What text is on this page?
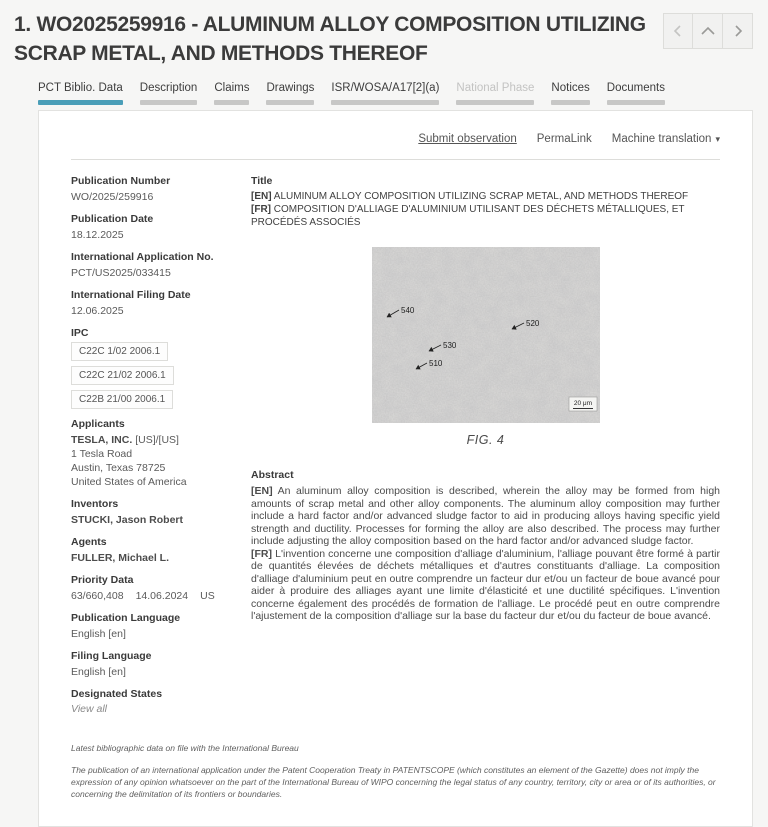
1. WO2025259916 - ALUMINUM ALLOY COMPOSITION UTILIZING SCRAP METAL, AND METHODS THEREOF
PCT Biblio. Data Description Claims Drawings ISR/WOSA/A17[2](a) National Phase Notices Documents
Submit observation PermaLink Machine translation ▾
Publication Number
WO/2025/259916
Publication Date
18.12.2025
International Application No.
PCT/US2025/033415
International Filing Date
12.06.2025
IPC
C22C 1/02 2006.1
C22C 21/02 2006.1
C22B 21/00 2006.1
Applicants
TESLA, INC. [US]/[US]
1 Tesla Road
Austin, Texas 78725
United States of America
Inventors
STUCKI, Jason Robert
Agents
FULLER, Michael L.
Priority Data
63/660,408 14.06.2024 US
Publication Language
English [en]
Filing Language
English [en]
Designated States
View all
Title
[EN] ALUMINUM ALLOY COMPOSITION UTILIZING SCRAP METAL, AND METHODS THEREOF
[FR] COMPOSITION D'ALLIAGE D'ALUMINIUM UTILISANT DES DÉCHETS MÉTALLIQUES, ET PROCÉDÉS ASSOCIÉS
540
520
530
510
20 μm
FIG. 4
Abstract
[EN] An aluminum alloy composition is described, wherein the alloy may be formed from high amounts of scrap metal and other alloy components. The aluminum alloy composition may further include a hard factor and/or advanced sludge factor to aid in producing alloys having specific yield strength and ductility. Processes for forming the alloy are also described. The process may further include adjusting the alloy composition based on the hard factor and/or advanced sludge factor.
[FR] L'invention concerne une composition d'alliage d'aluminium, l'alliage pouvant être formé à partir de quantités élevées de déchets métalliques et d'autres constituants d'alliage. La composition d'alliage d'aluminium peut en outre comprendre un facteur dur et/ou un facteur de boue avancé pour aider à produire des alliages ayant une limite d'élasticité et une ductilité spécifiques. L'invention concerne également des procédés de formation de l'alliage. Le procédé peut en outre comprendre l'ajustement de la composition d'alliage sur la base du facteur dur et/ou du facteur de boue avancé.
Latest bibliographic data on file with the International Bureau
The publication of an international application under the Patent Cooperation Treaty in PATENTSCOPE (which constitutes an element of the Gazette) does not imply the expression of any opinion whatsoever on the part of the International Bureau of WIPO concerning the legal status of any country, territory, city or area or of its authorities, or concerning the delimitation of its frontiers or boundaries.
